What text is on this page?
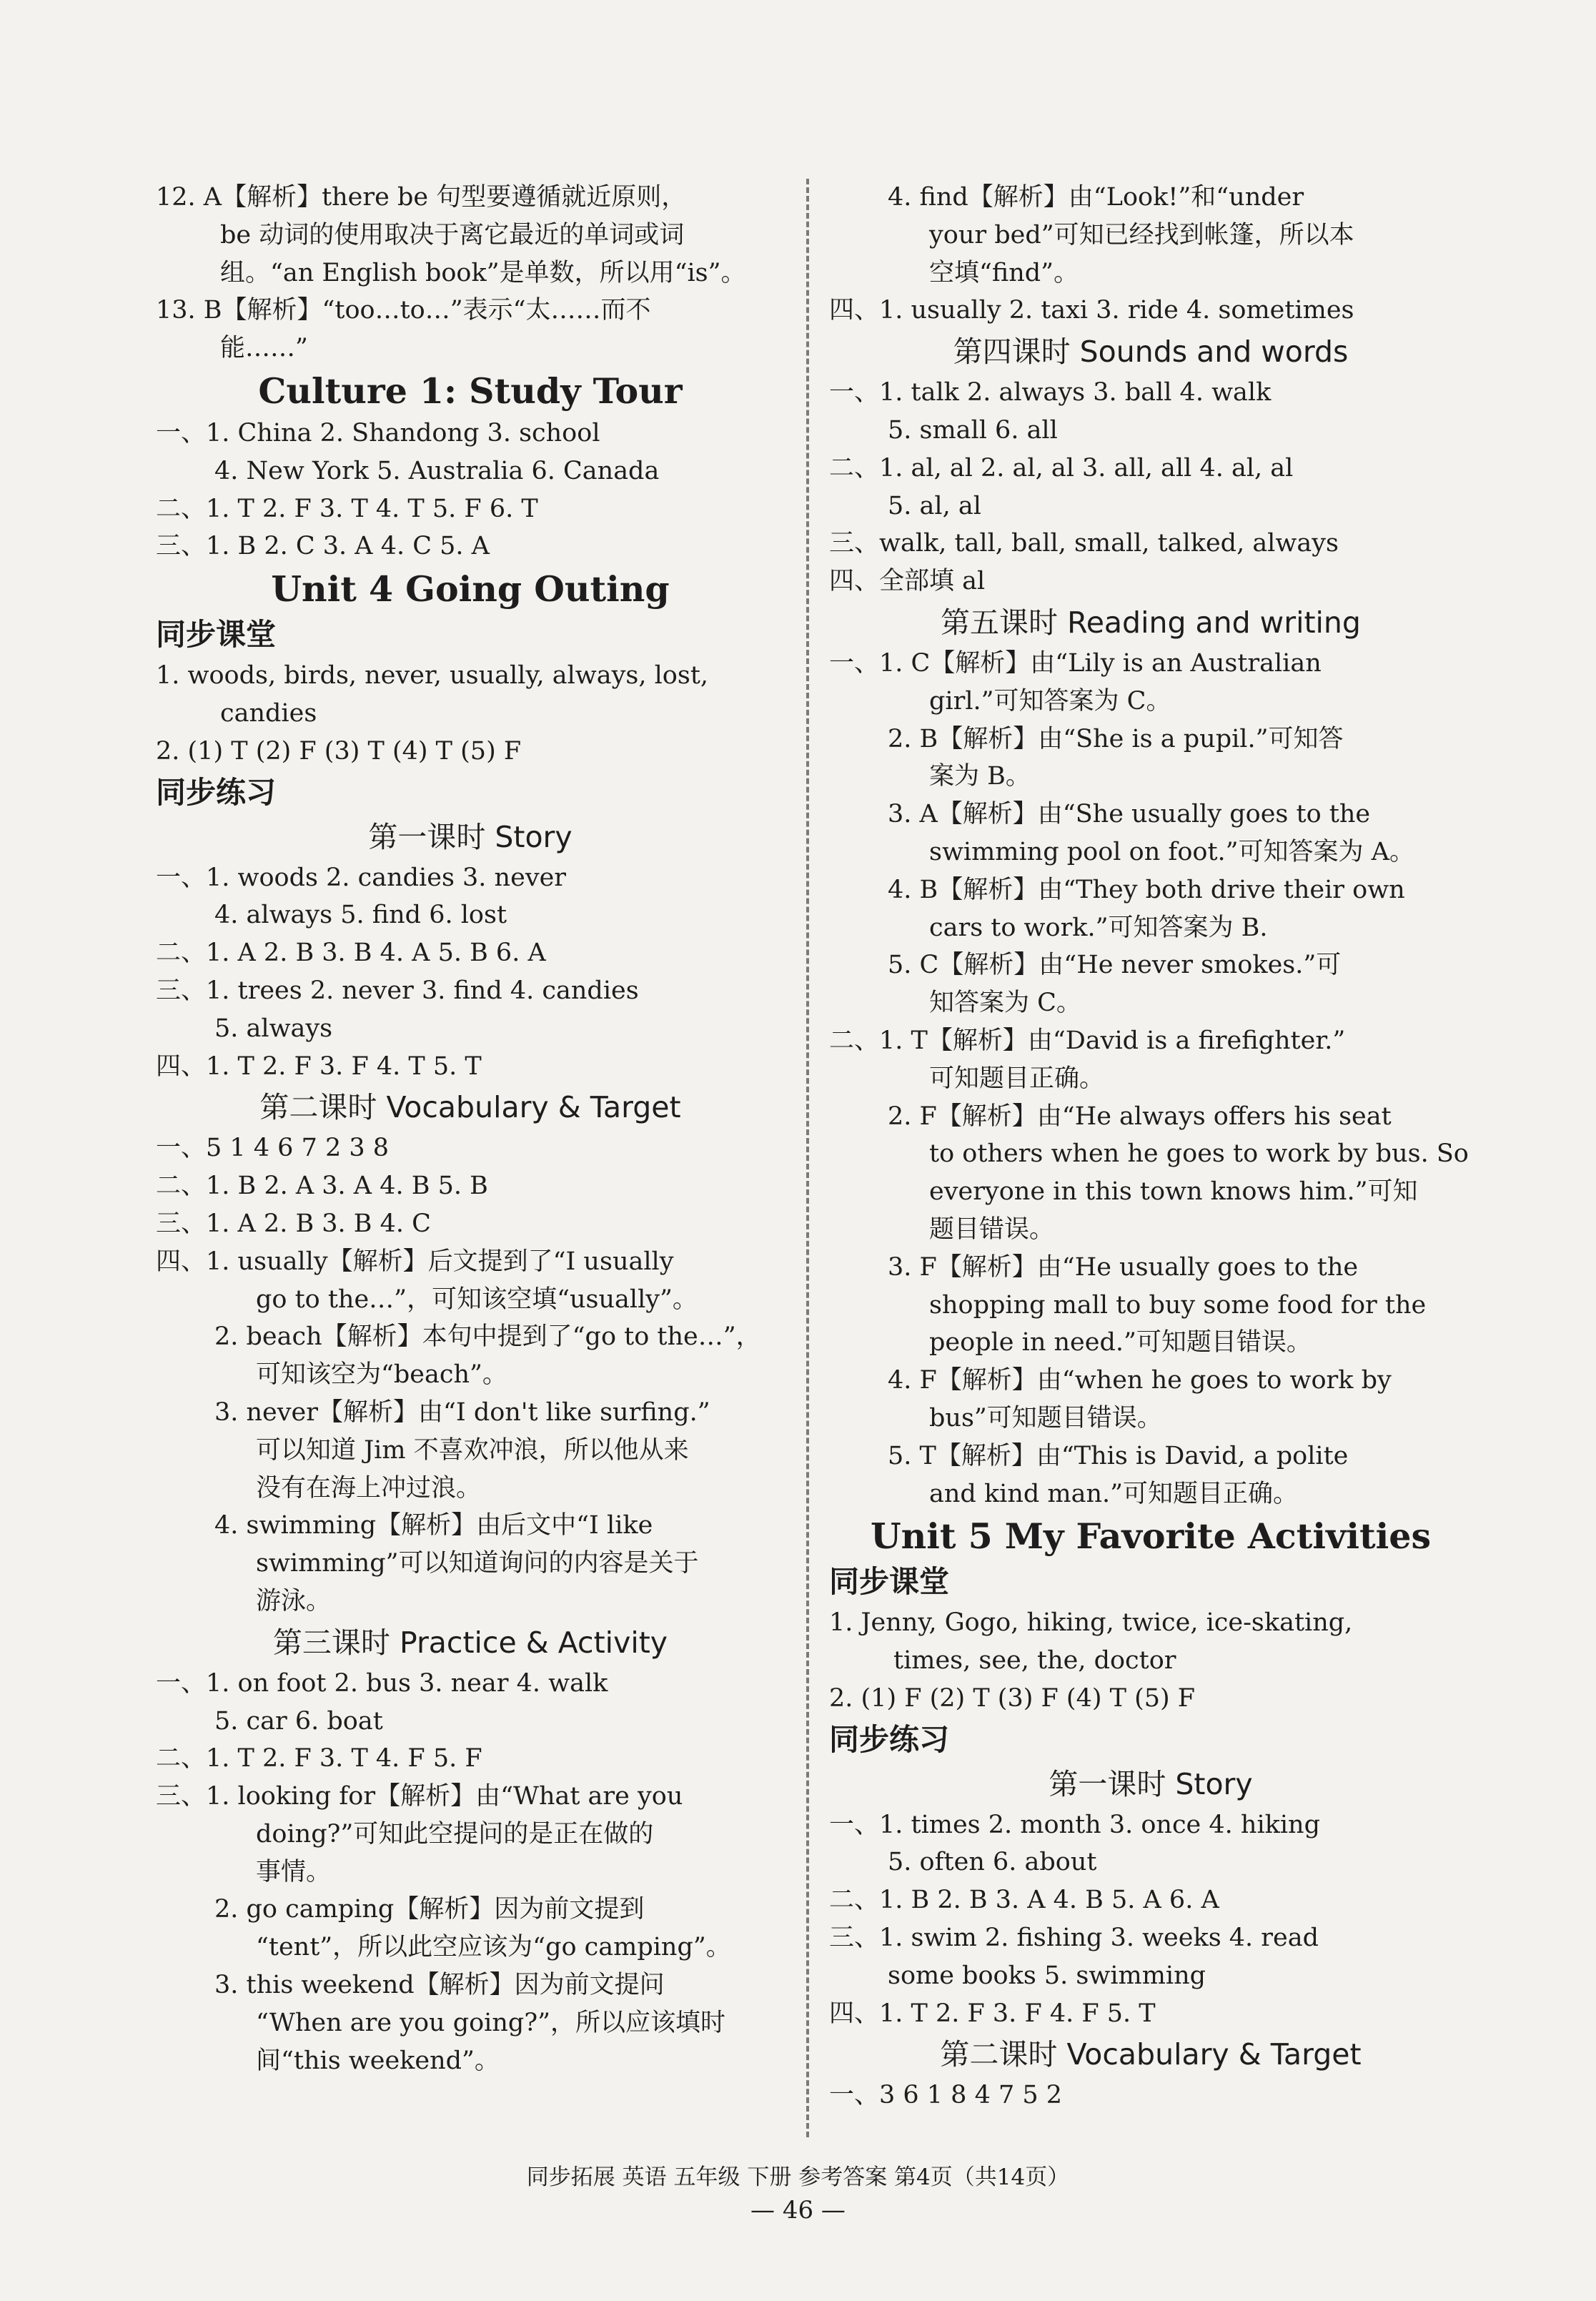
12. A【解析】there be 句型要遵循就近原则，
be 动词的使用取决于离它最近的单词或词
组。“an English book”是单数，所以用“is”。
13. B【解析】“too…to…”表示“太……而不
能……”
Culture 1: Study Tour
一、1. China 2. Shandong 3. school
4. New York 5. Australia 6. Canada
二、1. T 2. F 3. T 4. T 5. F 6. T
三、1. B 2. C 3. A 4. C 5. A
Unit 4 Going Outing
同步课堂
1. woods, birds, never, usually, always, lost,
candies
2. (1) T (2) F (3) T (4) T (5) F
同步练习
第一课时 Story
一、1. woods 2. candies 3. never
4. always 5. find 6. lost
二、1. A 2. B 3. B 4. A 5. B 6. A
三、1. trees 2. never 3. find 4. candies
5. always
四、1. T 2. F 3. F 4. T 5. T
第二课时 Vocabulary & Target
一、5 1 4 6 7 2 3 8
二、1. B 2. A 3. A 4. B 5. B
三、1. A 2. B 3. B 4. C
四、1. usually【解析】后文提到了“I usually
go to the…”，可知该空填“usually”。
2. beach【解析】本句中提到了“go to the…”，
可知该空为“beach”。
3. never【解析】由“I don't like surfing.”
可以知道 Jim 不喜欢冲浪，所以他从来
没有在海上冲过浪。
4. swimming【解析】由后文中“I like
swimming”可以知道询问的内容是关于
游泳。
第三课时 Practice & Activity
一、1. on foot 2. bus 3. near 4. walk
5. car 6. boat
二、1. T 2. F 3. T 4. F 5. F
三、1. looking for【解析】由“What are you
doing?”可知此空提问的是正在做的
事情。
2. go camping【解析】因为前文提到
“tent”，所以此空应该为“go camping”。
3. this weekend【解析】因为前文提问
“When are you going?”，所以应该填时
间“this weekend”。
4. find【解析】由“Look!”和“under
your bed”可知已经找到帐篷，所以本
空填“find”。
四、1. usually 2. taxi 3. ride 4. sometimes
第四课时 Sounds and words
一、1. talk 2. always 3. ball 4. walk
5. small 6. all
二、1. al, al 2. al, al 3. all, all 4. al, al
5. al, al
三、walk, tall, ball, small, talked, always
四、全部填 al
第五课时 Reading and writing
一、1. C【解析】由“Lily is an Australian
girl.”可知答案为 C。
2. B【解析】由“She is a pupil.”可知答
案为 B。
3. A【解析】由“She usually goes to the
swimming pool on foot.”可知答案为 A。
4. B【解析】由“They both drive their own
cars to work.”可知答案为 B.
5. C【解析】由“He never smokes.”可
知答案为 C。
二、1. T【解析】由“David is a firefighter.”
可知题目正确。
2. F【解析】由“He always offers his seat
to others when he goes to work by bus. So
everyone in this town knows him.”可知
题目错误。
3. F【解析】由“He usually goes to the
shopping mall to buy some food for the
people in need.”可知题目错误。
4. F【解析】由“when he goes to work by
bus”可知题目错误。
5. T【解析】由“This is David, a polite
and kind man.”可知题目正确。
Unit 5 My Favorite Activities
同步课堂
1. Jenny, Gogo, hiking, twice, ice-skating,
times, see, the, doctor
2. (1) F (2) T (3) F (4) T (5) F
同步练习
第一课时 Story
一、1. times 2. month 3. once 4. hiking
5. often 6. about
二、1. B 2. B 3. A 4. B 5. A 6. A
三、1. swim 2. fishing 3. weeks 4. read
some books 5. swimming
四、1. T 2. F 3. F 4. F 5. T
第二课时 Vocabulary & Target
一、3 6 1 8 4 7 5 2
同步拓展 英语 五年级 下册 参考答案 第4页（共14页）
— 46 —
